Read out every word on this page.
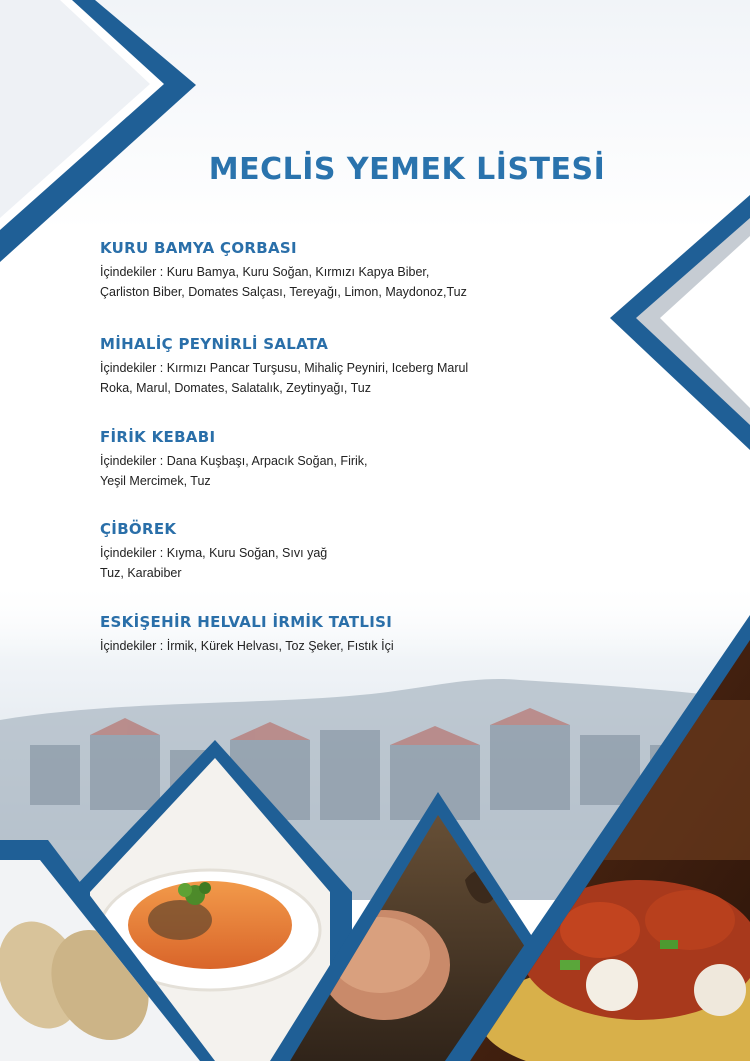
MECLİS YEMEK LİSTESİ
KURU BAMYA ÇORBASI
İçindekiler : Kuru Bamya, Kuru Soğan, Kırmızı Kapya Biber,
Çarliston Biber, Domates Salçası, Tereyağı, Limon, Maydonoz,Tuz
MİHALİÇ PEYNİRLİ SALATA
İçindekiler : Kırmızı Pancar Turşusu, Mihaliç Peyniri, Iceberg Marul
Roka, Marul, Domates, Salatalık, Zeytinyağı, Tuz
FİRİK KEBABI
İçindekiler : Dana Kuşbaşı, Arpacık Soğan, Firik,
Yeşil Mercimek, Tuz
ÇİBÖREK
İçindekiler : Kıyma, Kuru Soğan, Sıvı yağ
Tuz, Karabiber
ESKİŞEHİR HELVALI İRMİK TATLISI
İçindekiler : İrmik, Kürek Helvası, Toz Şeker, Fıstık İçi
